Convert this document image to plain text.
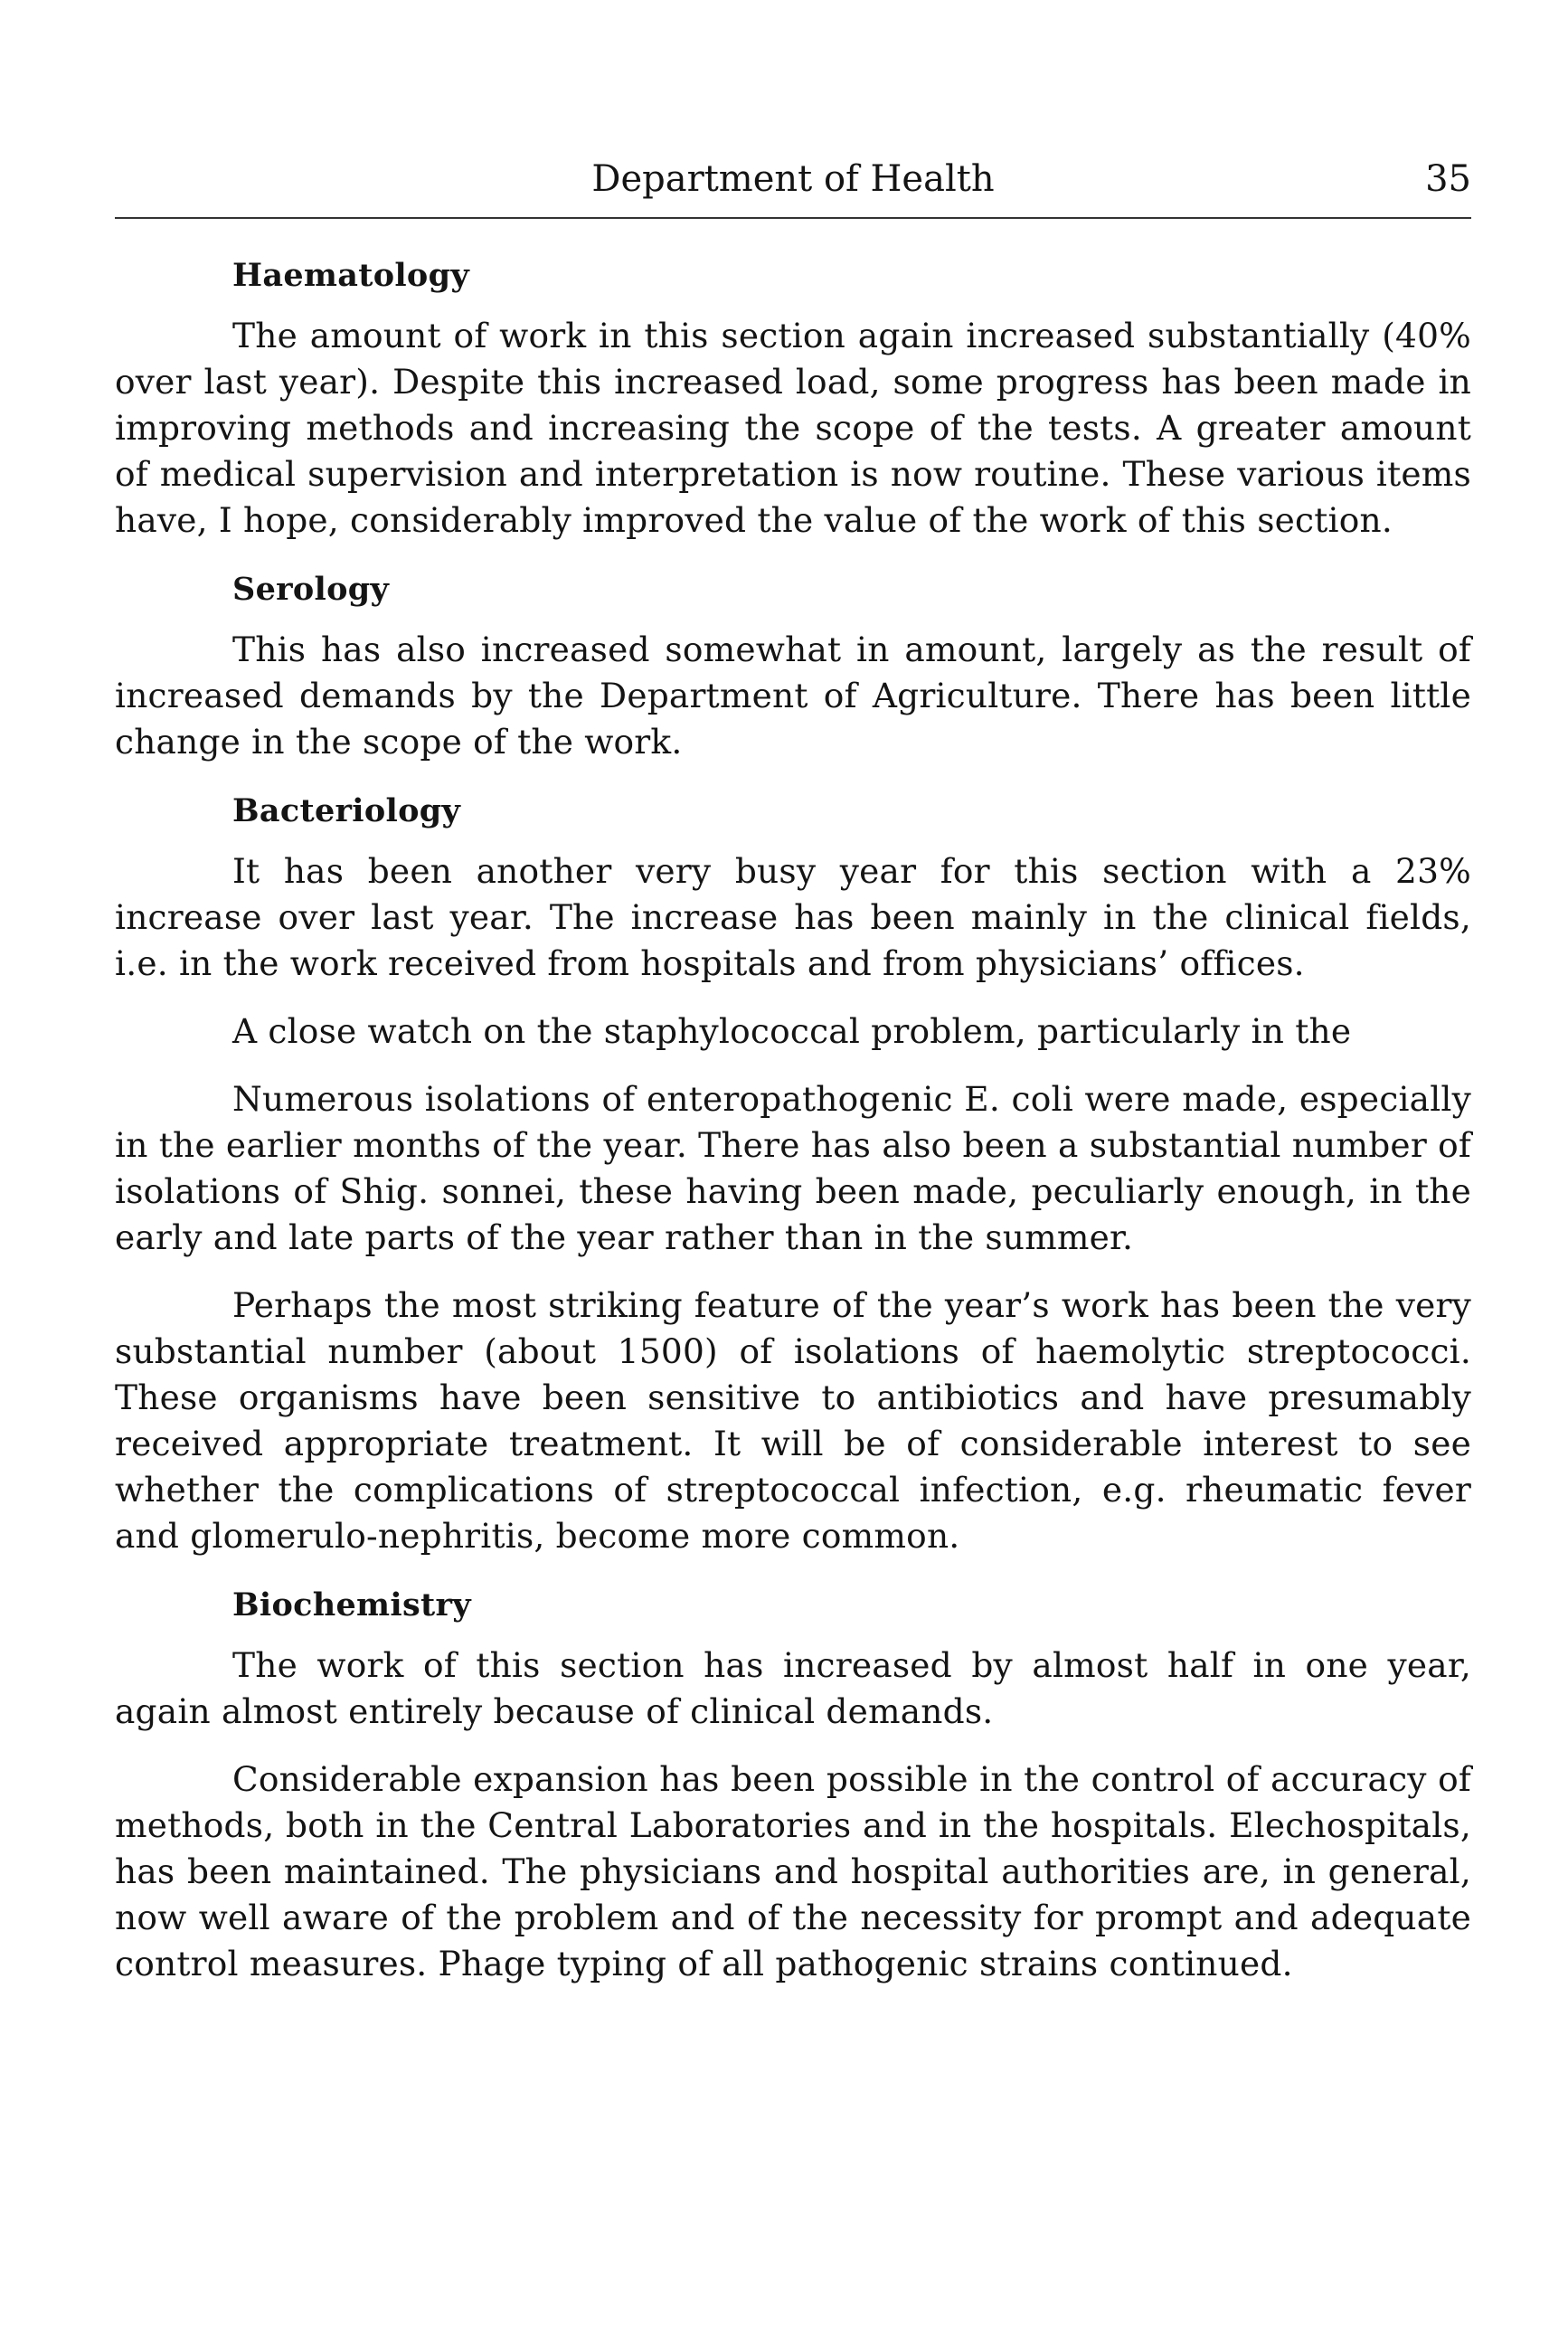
Department of Health	35
Haematology

The amount of work in this section again increased substantially (40% over last year). Despite this increased load, some progress has been made in improving methods and increasing the scope of the tests. A greater amount of medical supervision and interpretation is now routine. These various items have, I hope, considerably improved the value of the work of this section.

Serology

This has also increased somewhat in amount, largely as the result of increased demands by the Department of Agriculture. There has been little change in the scope of the work.

Bacteriology

It has been another very busy year for this section with a 23% increase over last year. The increase has been mainly in the clinical fields, i.e. in the work received from hospitals and from physicians’ offices.

A close watch on the staphylococcal problem, particularly in the

Numerous isolations of enteropathogenic E. coli were made, especially in the earlier months of the year. There has also been a substantial number of isolations of Shig. sonnei, these having been made, peculiarly enough, in the early and late parts of the year rather than in the summer.

Perhaps the most striking feature of the year’s work has been the very substantial number (about 1500) of isolations of haemolytic streptococci. These organisms have been sensitive to antibiotics and have presumably received appropriate treatment. It will be of considerable interest to see whether the complications of streptococcal infection, e.g. rheumatic fever and glomerulo-nephritis, become more common.

Biochemistry

The work of this section has increased by almost half in one year, again almost entirely because of clinical demands.

Considerable expansion has been possible in the control of accuracy of methods, both in the Central Laboratories and in the hospitals. Elechospitals, has been maintained. The physicians and hospital authorities are, in general, now well aware of the problem and of the necessity for prompt and adequate control measures. Phage typing of all pathogenic strains continued.
